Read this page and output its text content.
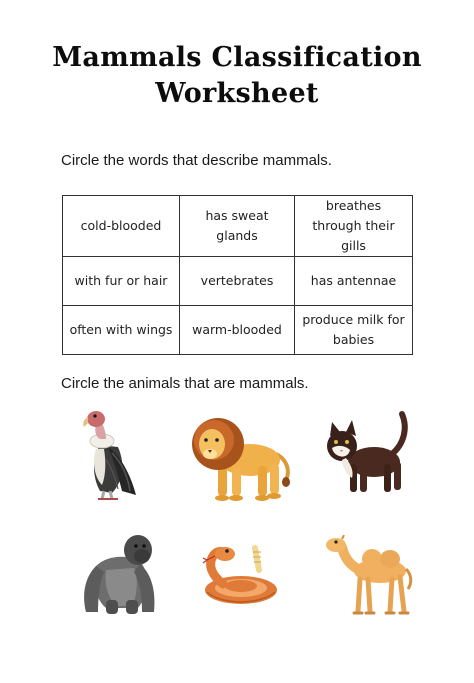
Mammals Classification
Worksheet
Circle the words that describe mammals.
cold-blooded	has sweat glands	breathes through their gills
with fur or hair	vertebrates	has antennae
often with wings	warm-blooded	produce milk for babies
Circle the animals that are mammals.
